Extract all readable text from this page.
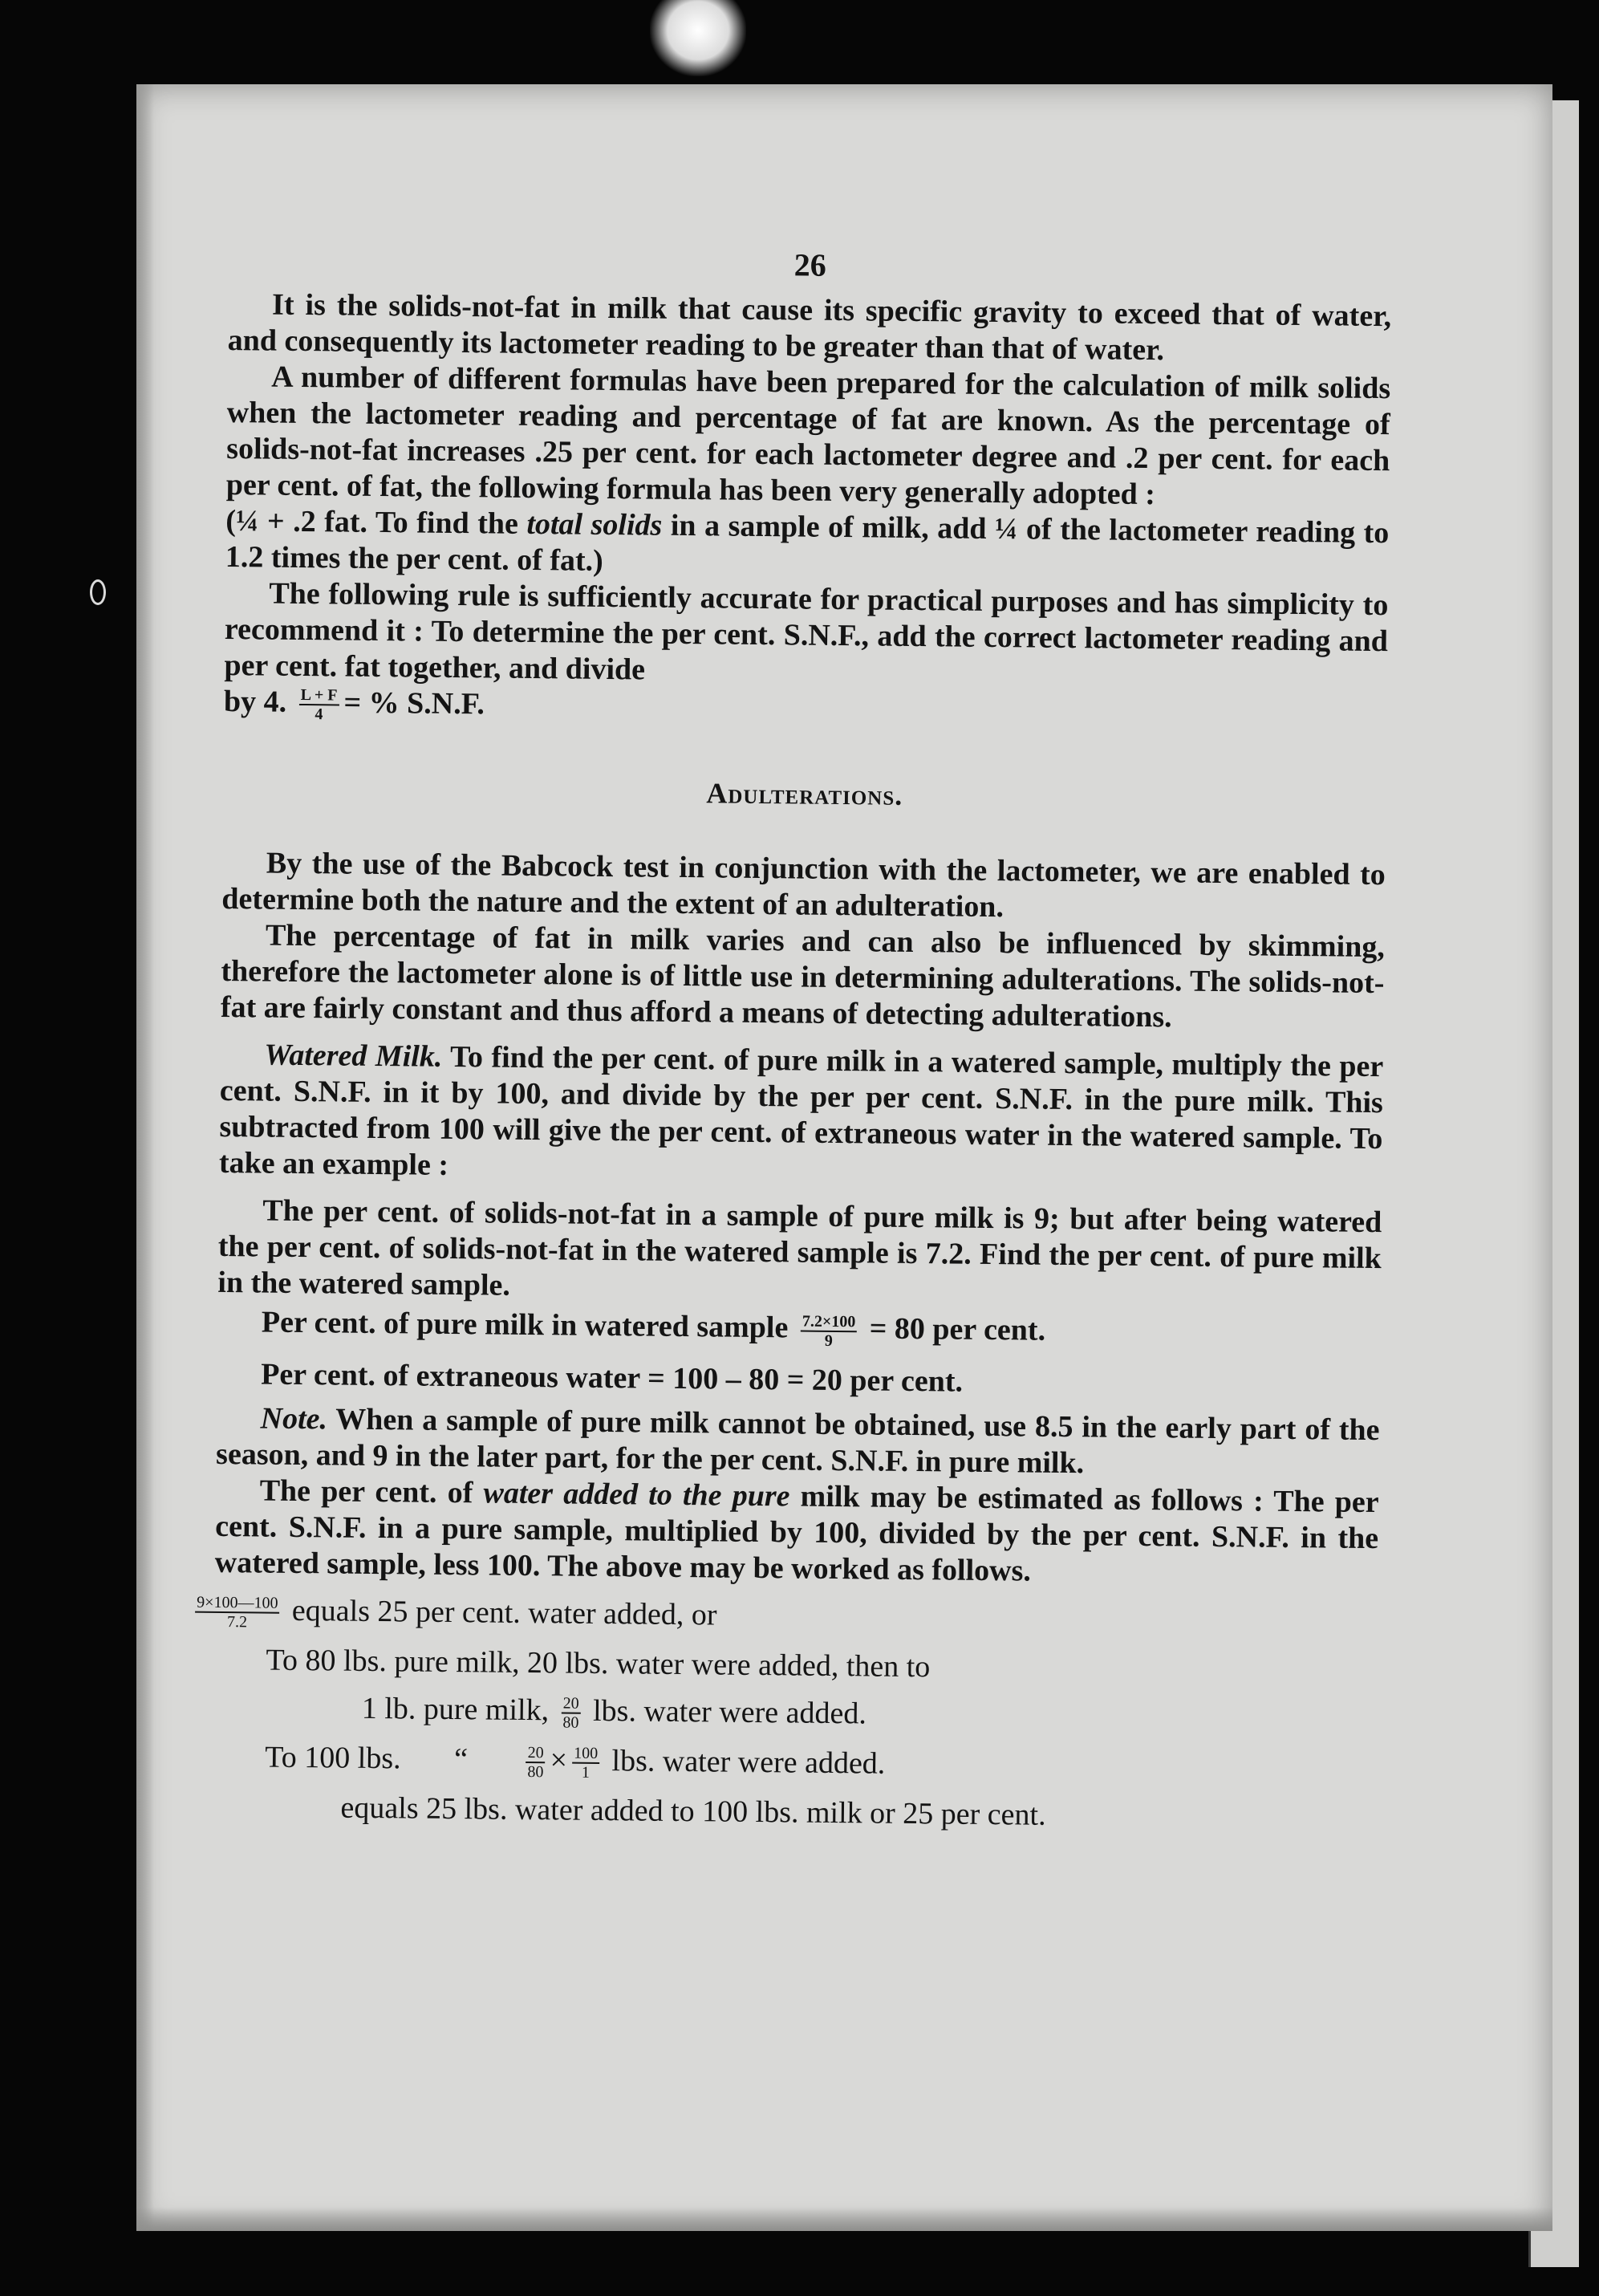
26

It is the solids-not-fat in milk that cause its specific gravity to exceed that of water, and consequently its lactometer reading to be greater than that of water.

A number of different formulas have been prepared for the calculation of milk solids when the lactometer reading and percentage of fat are known. As the percentage of solids-not-fat increases .25 per cent. for each lactometer degree and .2 per cent. for each per cent. of fat, the following formula has been very generally adopted :

(¼ + .2 fat. To find the total solids in a sample of milk, add ¼ of the lactometer reading to 1.2 times the per cent. of fat.)

The following rule is sufficiently accurate for practical purposes and has simplicity to recommend it : To determine the per cent. S.N.F., add the correct lactometer reading and per cent. fat together, and divide

by 4. $\frac{L + F}{4}$ = % S.N.F.

Adulterations.

By the use of the Babcock test in conjunction with the lactometer, we are enabled to determine both the nature and the extent of an adulteration.

The percentage of fat in milk varies and can also be influenced by skimming, therefore the lactometer alone is of little use in determining adulterations. The solids-not-fat are fairly constant and thus afford a means of detecting adulterations.

Watered Milk. To find the per cent. of pure milk in a watered sample, multiply the per cent. S.N.F. in it by 100, and divide by the per per cent. S.N.F. in the pure milk. This subtracted from 100 will give the per cent. of extraneous water in the watered sample. To take an example :

The per cent. of solids-not-fat in a sample of pure milk is 9; but after being watered the per cent. of solids-not-fat in the watered sample is 7.2. Find the per cent. of pure milk in the watered sample.

Per cent. of pure milk in watered sample $\frac{7.2\times 100}{9} = 80$ per cent.
Per cent. of extraneous water = 100 – 80 = 20 per cent.

Note. When a sample of pure milk cannot be obtained, use 8.5 in the early part of the season, and 9 in the later part, for the per cent. S.N.F. in pure milk.

The per cent. of water added to the pure milk may be estimated as follows : The per cent. S.N.F. in a pure sample, multiplied by 100, divided by the per cent. S.N.F. in the watered sample, less 100. The above may be worked as follows.

$\frac{9\times 100—100}{7.2}$ equals 25 per cent. water added, or
To 80 lbs. pure milk, 20 lbs. water were added, then to
1 lb. pure milk, $\frac{20}{80}$ lbs. water were added.
To 100 lbs. “	$\frac{20}{80} \times \frac{100}{1}$ lbs. water were added.
equals 25 lbs. water added to 100 lbs. milk or 25 per cent.
